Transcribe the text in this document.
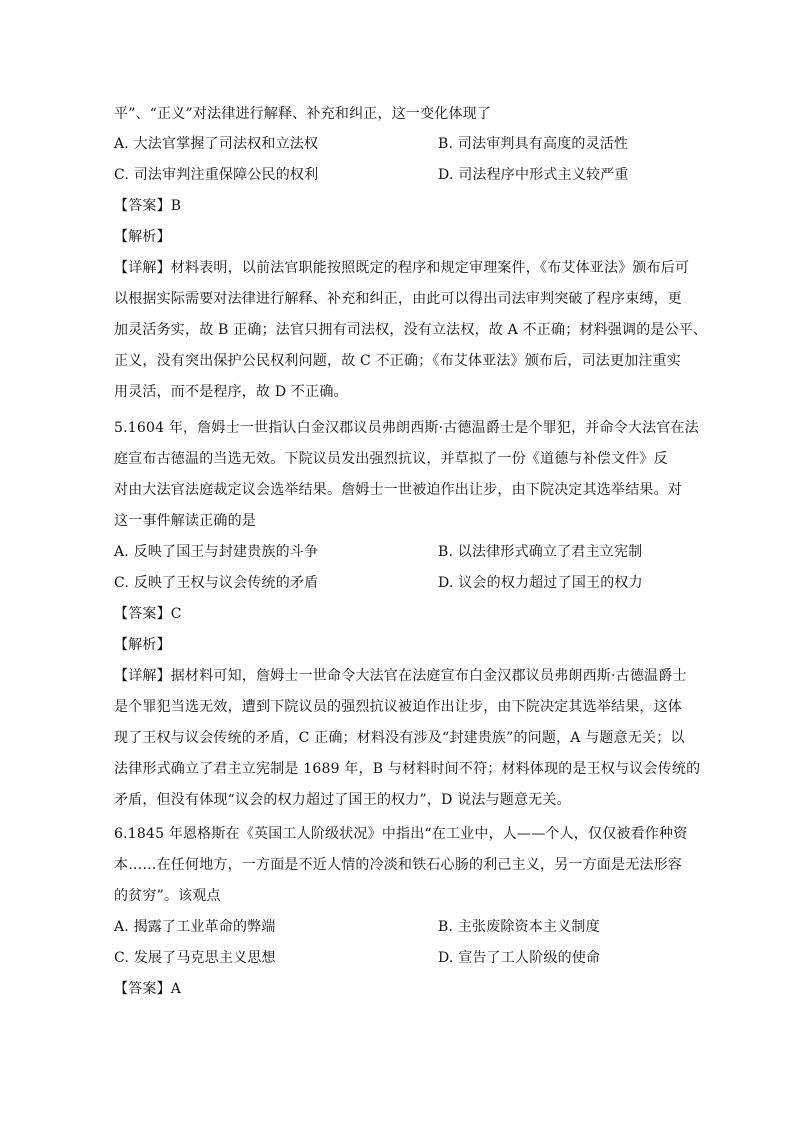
平”、“正义”对法律进行解释、补充和纠正，这一变化体现了
A. 大法官掌握了司法权和立法权	B. 司法审判具有高度的灵活性
C. 司法审判注重保障公民的权利	D. 司法程序中形式主义较严重
【答案】B
【解析】
【详解】材料表明，以前法官职能按照既定的程序和规定审理案件，《布艾体亚法》颁布后可
以根据实际需要对法律进行解释、补充和纠正，由此可以得出司法审判突破了程序束缚，更
加灵活务实，故 B 正确；法官只拥有司法权，没有立法权，故 A 不正确；材料强调的是公平、
正义，没有突出保护公民权利问题，故 C 不正确；《布艾体亚法》颁布后，司法更加注重实
用灵活，而不是程序，故 D 不正确。
5.1604 年，詹姆士一世指认白金汉郡议员弗朗西斯·古德温爵士是个罪犯，并命令大法官在法
庭宣布古德温的当选无效。下院议员发出强烈抗议，并草拟了一份《道德与补偿文件》反
对由大法官法庭裁定议会选举结果。詹姆士一世被迫作出让步，由下院决定其选举结果。对
这一事件解读正确的是
A. 反映了国王与封建贵族的斗争	B. 以法律形式确立了君主立宪制
C. 反映了王权与议会传统的矛盾	D. 议会的权力超过了国王的权力
【答案】C
【解析】
【详解】据材料可知，詹姆士一世命令大法官在法庭宣布白金汉郡议员弗朗西斯·古德温爵士
是个罪犯当选无效，遭到下院议员的强烈抗议被迫作出让步，由下院决定其选举结果，这体
现了王权与议会传统的矛盾，C 正确；材料没有涉及“封建贵族”的问题，A 与题意无关；以
法律形式确立了君主立宪制是 1689 年，B 与材料时间不符；材料体现的是王权与议会传统的
矛盾，但没有体现“议会的权力超过了国王的权力”，D 说法与题意无关。
6.1845 年恩格斯在《英国工人阶级状况》中指出“在工业中，人——个人，仅仅被看作种资
本……在任何地方，一方面是不近人情的冷淡和铁石心肠的利己主义，另一方面是无法形容
的贫穷”。该观点
A. 揭露了工业革命的弊端	B. 主张废除资本主义制度
C. 发展了马克思主义思想	D. 宣告了工人阶级的使命
【答案】A
